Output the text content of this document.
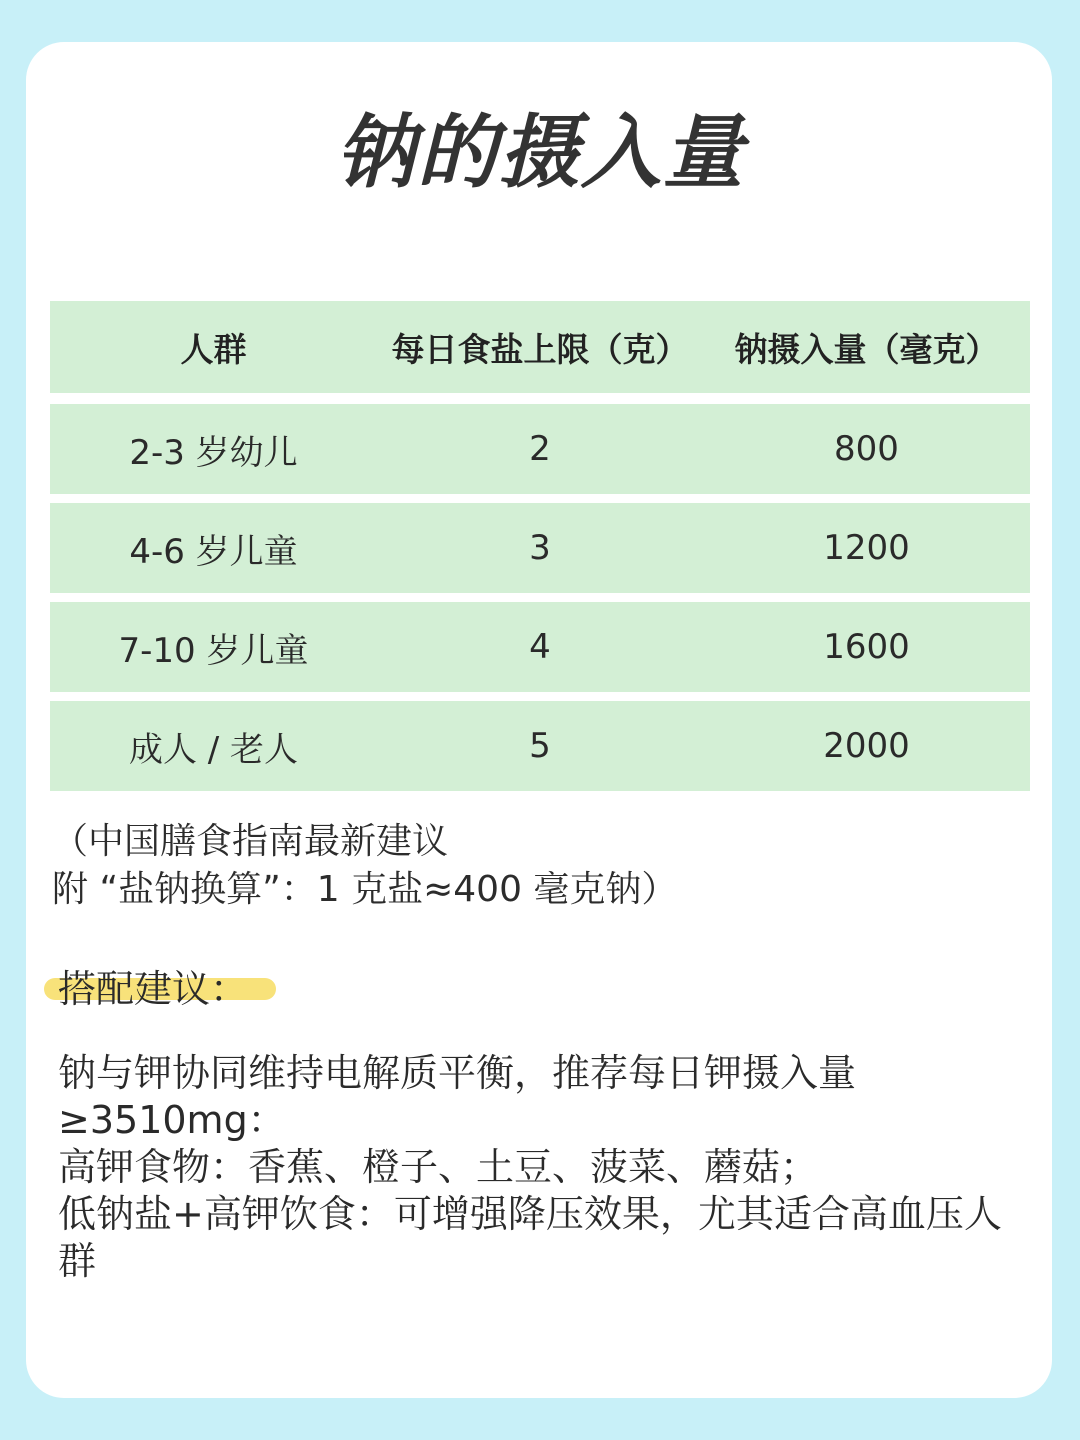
钠的摄入量
人群	每日食盐上限（克）	钠摄入量（毫克）
2-3 岁幼儿	2	800
4-6 岁儿童	3	1200
7-10 岁儿童	4	1600
成人 / 老人	5	2000
（中国膳食指南最新建议
附 “盐钠换算”：1 克盐≈400 毫克钠）
搭配建议：
钠与钾协同维持电解质平衡，推荐每日钾摄入量
≥3510mg：
高钾食物：香蕉、橙子、土豆、菠菜、蘑菇；
低钠盐+高钾饮食：可增强降压效果，尤其适合高血压人
群
